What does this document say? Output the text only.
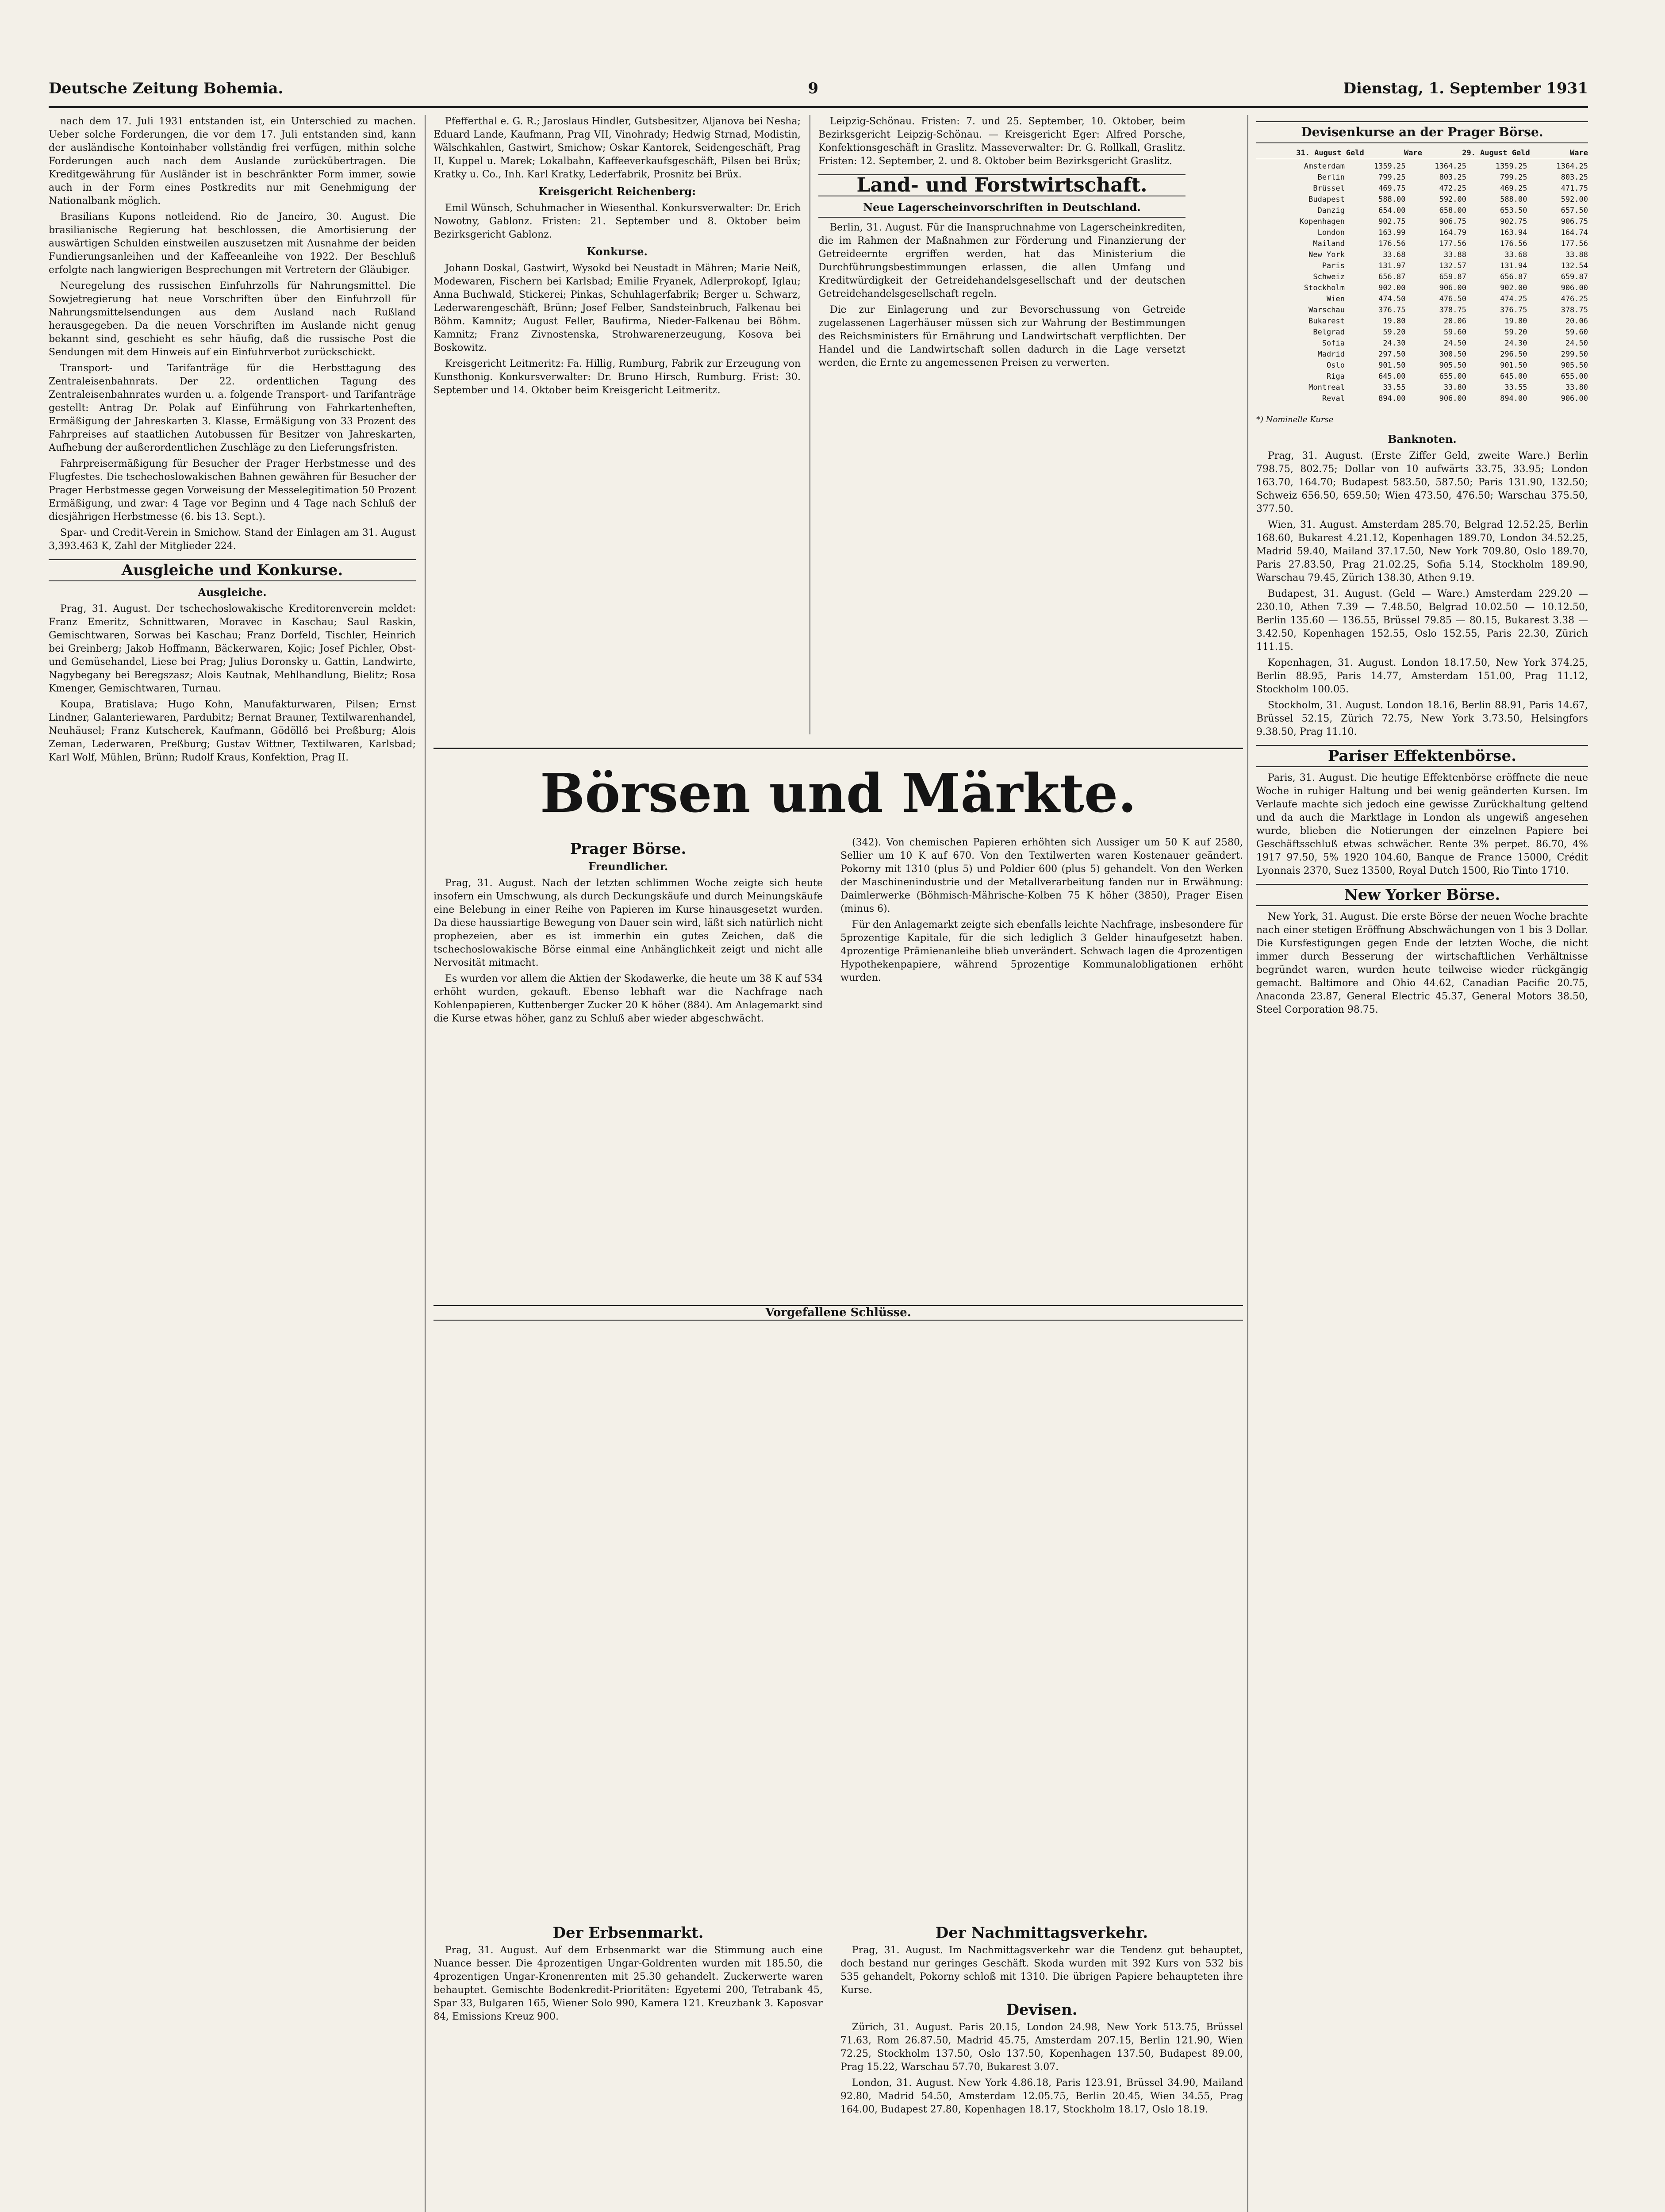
Deutsche Zeitung Bohemia.	9	Dienstag, 1. September 1931

nach dem 17. Juli 1931 entstanden ist, ein Unterschied zu machen. Ueber solche Forderungen, die vor dem 17. Juli entstanden sind, kann der ausländische Kontoinhaber vollständig frei verfügen, mithin solche Forderungen auch nach dem Auslande zurückübertragen. Die Kreditgewährung für Ausländer ist in beschränkter Form immer, sowie auch in der Form eines Postkredits nur mit Genehmigung der Nationalbank möglich.

Brasilians Kupons notleidend. Rio de Janeiro, 30. August. Die brasilianische Regierung hat beschlossen, die Amortisierung der auswärtigen Schulden einstweilen auszusetzen mit Ausnahme der beiden Fundierungsanleihen und der Kaffeeanleihe von 1922. Der Beschluß erfolgte nach langwierigen Besprechungen mit Vertretern der Gläubiger.

Neuregelung des russischen Einfuhrzolls für Nahrungsmittel. Die Sowjetregierung hat neue Vorschriften über den Einfuhrzoll für Nahrungsmittelsendungen aus dem Ausland nach Rußland herausgegeben. Da die neuen Vorschriften im Auslande nicht genug bekannt sind, geschieht es sehr häufig, daß die russische Post die Sendungen mit dem Hinweis auf ein Einfuhrverbot zurückschickt.

Transport- und Tarifanträge für die Herbsttagung des Zentraleisenbahnrats. Der 22. ordentlichen Tagung des Zentraleisenbahnrates wurden u. a. folgende Transport- und Tarifanträge gestellt: Antrag Dr. Polak auf Einführung von Fahrkartenheften, Ermäßigung der Jahreskarten 3. Klasse, Ermäßigung von 33 Prozent des Fahrpreises auf staatlichen Autobussen für Besitzer von Jahreskarten, Aufhebung der außerordentlichen Zuschläge zu den Lieferungsfristen.

Fahrpreisermäßigung für Besucher der Prager Herbstmesse und des Flugfestes. Die tschechoslowakischen Bahnen gewähren für Besucher der Prager Herbstmesse gegen Vorweisung der Messelegitimation 50 Prozent Ermäßigung, und zwar: 4 Tage vor Beginn und 4 Tage nach Schluß der diesjährigen Herbstmesse (6. bis 13. Sept.).

Spar- und Credit-Verein in Smichow. Stand der Einlagen am 31. August 3,393.463 K, Zahl der Mitglieder 224.

Ausgleiche und Konkurse.
Ausgleiche.

Prag, 31. August. Der tschechoslowakische Kreditorenverein meldet: Franz Emeritz, Schnittwaren, Moravec in Kaschau; Saul Raskin, Gemischtwaren, Sorwas bei Kaschau; Franz Dorfeld, Tischler, Heinrich bei Greinberg; Jakob Hoffmann, Bäckerwaren, Kojic; Josef Pichler, Obst- und Gemüsehandel, Liese bei Prag; Julius Doronsky u. Gattin, Landwirte, Nagybegany bei Beregszasz; Alois Kautnak, Mehlhandlung, Bielitz; Rosa Kmenger, Gemischtwaren, Turnau.

Koupa, Bratislava; Hugo Kohn, Manufakturwaren, Pilsen; Ernst Lindner, Galanteriewaren, Pardubitz; Bernat Brauner, Textilwarenhandel, Neuhäusel; Franz Kutscherek, Kaufmann, Gödöllő bei Preßburg; Alois Zeman, Lederwaren, Preßburg; Gustav Wittner, Textilwaren, Karlsbad; Karl Wolf, Mühlen, Brünn; Rudolf Kraus, Konfektion, Prag II.

Pfefferthal e. G. R.; Jaroslaus Hindler, Gutsbesitzer, Aljanova bei Nesha; Eduard Lande, Kaufmann, Prag VII, Vinohrady; Hedwig Strnad, Modistin, Wälschkahlen, Gastwirt, Smichow; Oskar Kantorek, Seidengeschäft, Prag II, Kuppel u. Marek; Lokalbahn, Kaffeeverkaufsgeschäft, Pilsen bei Brüx; Kratky u. Co., Inh. Karl Kratky, Lederfabrik, Prosnitz bei Brüx.

Kreisgericht Reichenberg:

Emil Wünsch, Schuhmacher in Wiesenthal. Konkursverwalter: Dr. Erich Nowotny, Gablonz. Fristen: 21. September und 8. Oktober beim Bezirksgericht Gablonz.

Konkurse.

Johann Doskal, Gastwirt, Wysokd bei Neustadt in Mähren; Marie Neiß, Modewaren, Fischern bei Karlsbad; Emilie Fryanek, Adlerprokopf, Iglau; Anna Buchwald, Stickerei; Pinkas, Schuhlagerfabrik; Berger u. Schwarz, Lederwarengeschäft, Brünn; Josef Felber, Sandsteinbruch, Falkenau bei Böhm. Kamnitz; August Feller, Baufirma, Nieder-Falkenau bei Böhm. Kamnitz; Franz Zivnostenska, Strohwarenerzeugung, Kosova bei Boskowitz.

Kreisgericht Leitmeritz: Fa. Hillig, Rumburg, Fabrik zur Erzeugung von Kunsthonig. Konkursverwalter: Dr. Bruno Hirsch, Rumburg. Frist: 30. September und 14. Oktober beim Kreisgericht Leitmeritz.

Leipzig-Schönau. Fristen: 7. und 25. September, 10. Oktober, beim Bezirksgericht Leipzig-Schönau. — Kreisgericht Eger: Alfred Porsche, Konfektionsgeschäft in Graslitz. Masseverwalter: Dr. G. Rollkall, Graslitz. Fristen: 12. September, 2. und 8. Oktober beim Bezirksgericht Graslitz.

Land- und Forstwirtschaft.
Neue Lagerscheinvorschriften in Deutschland.

Berlin, 31. August. Für die Inanspruchnahme von Lagerscheinkrediten, die im Rahmen der Maßnahmen zur Förderung und Finanzierung der Getreideernte ergriffen werden, hat das Ministerium die Durchführungsbestimmungen erlassen, die allen Umfang und Kreditwürdigkeit der Getreidehandelsgesellschaft und der deutschen Getreidehandelsgesellschaft regeln.

Die zur Einlagerung und zur Bevorschussung von Getreide zugelassenen Lagerhäuser müssen sich zur Wahrung der Bestimmungen des Reichsministers für Ernährung und Landwirtschaft verpflichten. Der Handel und die Landwirtschaft sollen dadurch in die Lage versetzt werden, die Ernte zu angemessenen Preisen zu verwerten.

Börsen und Märkte.
Prager Börse.
Freundlicher.

Prag, 31. August. Nach der letzten schlimmen Woche zeigte sich heute insofern ein Umschwung, als durch Deckungskäufe und durch Meinungskäufe eine Belebung in einer Reihe von Papieren im Kurse hinausgesetzt wurden. Da diese haussiartige Bewegung von Dauer sein wird, läßt sich natürlich nicht prophezeien, aber es ist immerhin ein gutes Zeichen, daß die tschechoslowakische Börse einmal eine Anhänglichkeit zeigt und nicht alle Nervosität mitmacht.

Es wurden vor allem die Aktien der Skodawerke, die heute um 38 K auf 534 erhöht wurden, gekauft. Ebenso lebhaft war die Nachfrage nach Kohlenpapieren, Kuttenberger Zucker 20 K höher (884). Am Anlagemarkt sind die Kurse etwas höher, ganz zu Schluß aber wieder abgeschwächt.

(342). Von chemischen Papieren erhöhten sich Aussiger um 50 K auf 2580, Sellier um 10 K auf 670. Von den Textilwerten waren Kostenauer geändert. Pokorny mit 1310 (plus 5) und Poldier 600 (plus 5) gehandelt. Von den Werken der Maschinenindustrie und der Metallverarbeitung fanden nur in Erwähnung: Daimlerwerke (Böhmisch-Mährische-Kolben 75 K höher (3850), Prager Eisen (minus 6).

Für den Anlagemarkt zeigte sich ebenfalls leichte Nachfrage, insbesondere für 5prozentige Kapitale, für die sich lediglich 3 Gelder hinaufgesetzt haben. 4prozentige Prämienanleihe blieb unverändert. Schwach lagen die 4prozentigen Hypothekenpapiere, während 5prozentige Kommunalobligationen erhöht wurden.

Vorgefallene Schlüsse.
Der Erbsenmarkt.

Prag, 31. August. Auf dem Erbsenmarkt war die Stimmung auch eine Nuance besser. Die 4prozentigen Ungar-Goldrenten wurden mit 185.50, die 4prozentigen Ungar-Kronenrenten mit 25.30 gehandelt. Zuckerwerte waren behauptet. Gemischte Bodenkredit-Prioritäten: Egyetemi 200, Tetrabank 45, Spar 33, Bulgaren 165, Wiener Solo 990, Kamera 121. Kreuzbank 3. Kaposvar 84, Emissions Kreuz 900.

Der Nachmittagsverkehr.

Prag, 31. August. Im Nachmittagsverkehr war die Tendenz gut behauptet, doch bestand nur geringes Geschäft. Skoda wurden mit 392 Kurs von 532 bis 535 gehandelt, Pokorny schloß mit 1310. Die übrigen Papiere behaupteten ihre Kurse.

Devisen.

Zürich, 31. August. Paris 20.15, London 24.98, New York 513.75, Brüssel 71.63, Rom 26.87.50, Madrid 45.75, Amsterdam 207.15, Berlin 121.90, Wien 72.25, Stockholm 137.50, Oslo 137.50, Kopenhagen 137.50, Budapest 89.00, Prag 15.22, Warschau 57.70, Bukarest 3.07.

London, 31. August. New York 4.86.18, Paris 123.91, Brüssel 34.90, Mailand 92.80, Madrid 54.50, Amsterdam 12.05.75, Berlin 20.45, Wien 34.55, Prag 164.00, Budapest 27.80, Kopenhagen 18.17, Stockholm 18.17, Oslo 18.19.

Devisenkurse an der Prager Börse.
31. August Geld	Ware	29. August Geld	Ware
Amsterdam	1359.25	1364.25	1359.25	1364.25
Berlin	799.25	803.25	799.25	803.25
Brüssel	469.75	472.25	469.25	471.75
Budapest	588.00	592.00	588.00	592.00
Danzig	654.00	658.00	653.50	657.50
Kopenhagen	902.75	906.75	902.75	906.75
London	163.99	164.79	163.94	164.74
Mailand	176.56	177.56	176.56	177.56
New York	33.68	33.88	33.68	33.88
Paris	131.97	132.57	131.94	132.54
Schweiz	656.87	659.87	656.87	659.87
Stockholm	902.00	906.00	902.00	906.00
Wien	474.50	476.50	474.25	476.25
Warschau	376.75	378.75	376.75	378.75
Bukarest	19.80	20.06	19.80	20.06
Belgrad	59.20	59.60	59.20	59.60
Sofia	24.30	24.50	24.30	24.50
Madrid	297.50	300.50	296.50	299.50
Oslo	901.50	905.50	901.50	905.50
Riga	645.00	655.00	645.00	655.00
Montreal	33.55	33.80	33.55	33.80
Reval	894.00	906.00	894.00	906.00
*) Nominelle Kurse
Banknoten.

Prag, 31. August. (Erste Ziffer Geld, zweite Ware.) Berlin 798.75, 802.75; Dollar von 10 aufwärts 33.75, 33.95; London 163.70, 164.70; Budapest 583.50, 587.50; Paris 131.90, 132.50; Schweiz 656.50, 659.50; Wien 473.50, 476.50; Warschau 375.50, 377.50.

Wien, 31. August. Amsterdam 285.70, Belgrad 12.52.25, Berlin 168.60, Bukarest 4.21.12, Kopenhagen 189.70, London 34.52.25, Madrid 59.40, Mailand 37.17.50, New York 709.80, Oslo 189.70, Paris 27.83.50, Prag 21.02.25, Sofia 5.14, Stockholm 189.90, Warschau 79.45, Zürich 138.30, Athen 9.19.

Budapest, 31. August. (Geld — Ware.) Amsterdam 229.20 — 230.10, Athen 7.39 — 7.48.50, Belgrad 10.02.50 — 10.12.50, Berlin 135.60 — 136.55, Brüssel 79.85 — 80.15, Bukarest 3.38 — 3.42.50, Kopenhagen 152.55, Oslo 152.55, Paris 22.30, Zürich 111.15.

Kopenhagen, 31. August. London 18.17.50, New York 374.25, Berlin 88.95, Paris 14.77, Amsterdam 151.00, Prag 11.12, Stockholm 100.05.

Stockholm, 31. August. London 18.16, Berlin 88.91, Paris 14.67, Brüssel 52.15, Zürich 72.75, New York 3.73.50, Helsingfors 9.38.50, Prag 11.10.

Pariser Effektenbörse.

Paris, 31. August. Die heutige Effektenbörse eröffnete die neue Woche in ruhiger Haltung und bei wenig geänderten Kursen. Im Verlaufe machte sich jedoch eine gewisse Zurückhaltung geltend und da auch die Marktlage in London als ungewiß angesehen wurde, blieben die Notierungen der einzelnen Papiere bei Geschäftsschluß etwas schwächer. Rente 3% perpet. 86.70, 4% 1917 97.50, 5% 1920 104.60, Banque de France 15000, Crédit Lyonnais 2370, Suez 13500, Royal Dutch 1500, Rio Tinto 1710.

New Yorker Börse.

New York, 31. August. Die erste Börse der neuen Woche brachte nach einer stetigen Eröffnung Abschwächungen von 1 bis 3 Dollar. Die Kursfestigungen gegen Ende der letzten Woche, die nicht immer durch Besserung der wirtschaftlichen Verhältnisse begründet waren, wurden heute teilweise wieder rückgängig gemacht. Baltimore and Ohio 44.62, Canadian Pacific 20.75, Anaconda 23.87, General Electric 45.37, General Motors 38.50, Steel Corporation 98.75.
